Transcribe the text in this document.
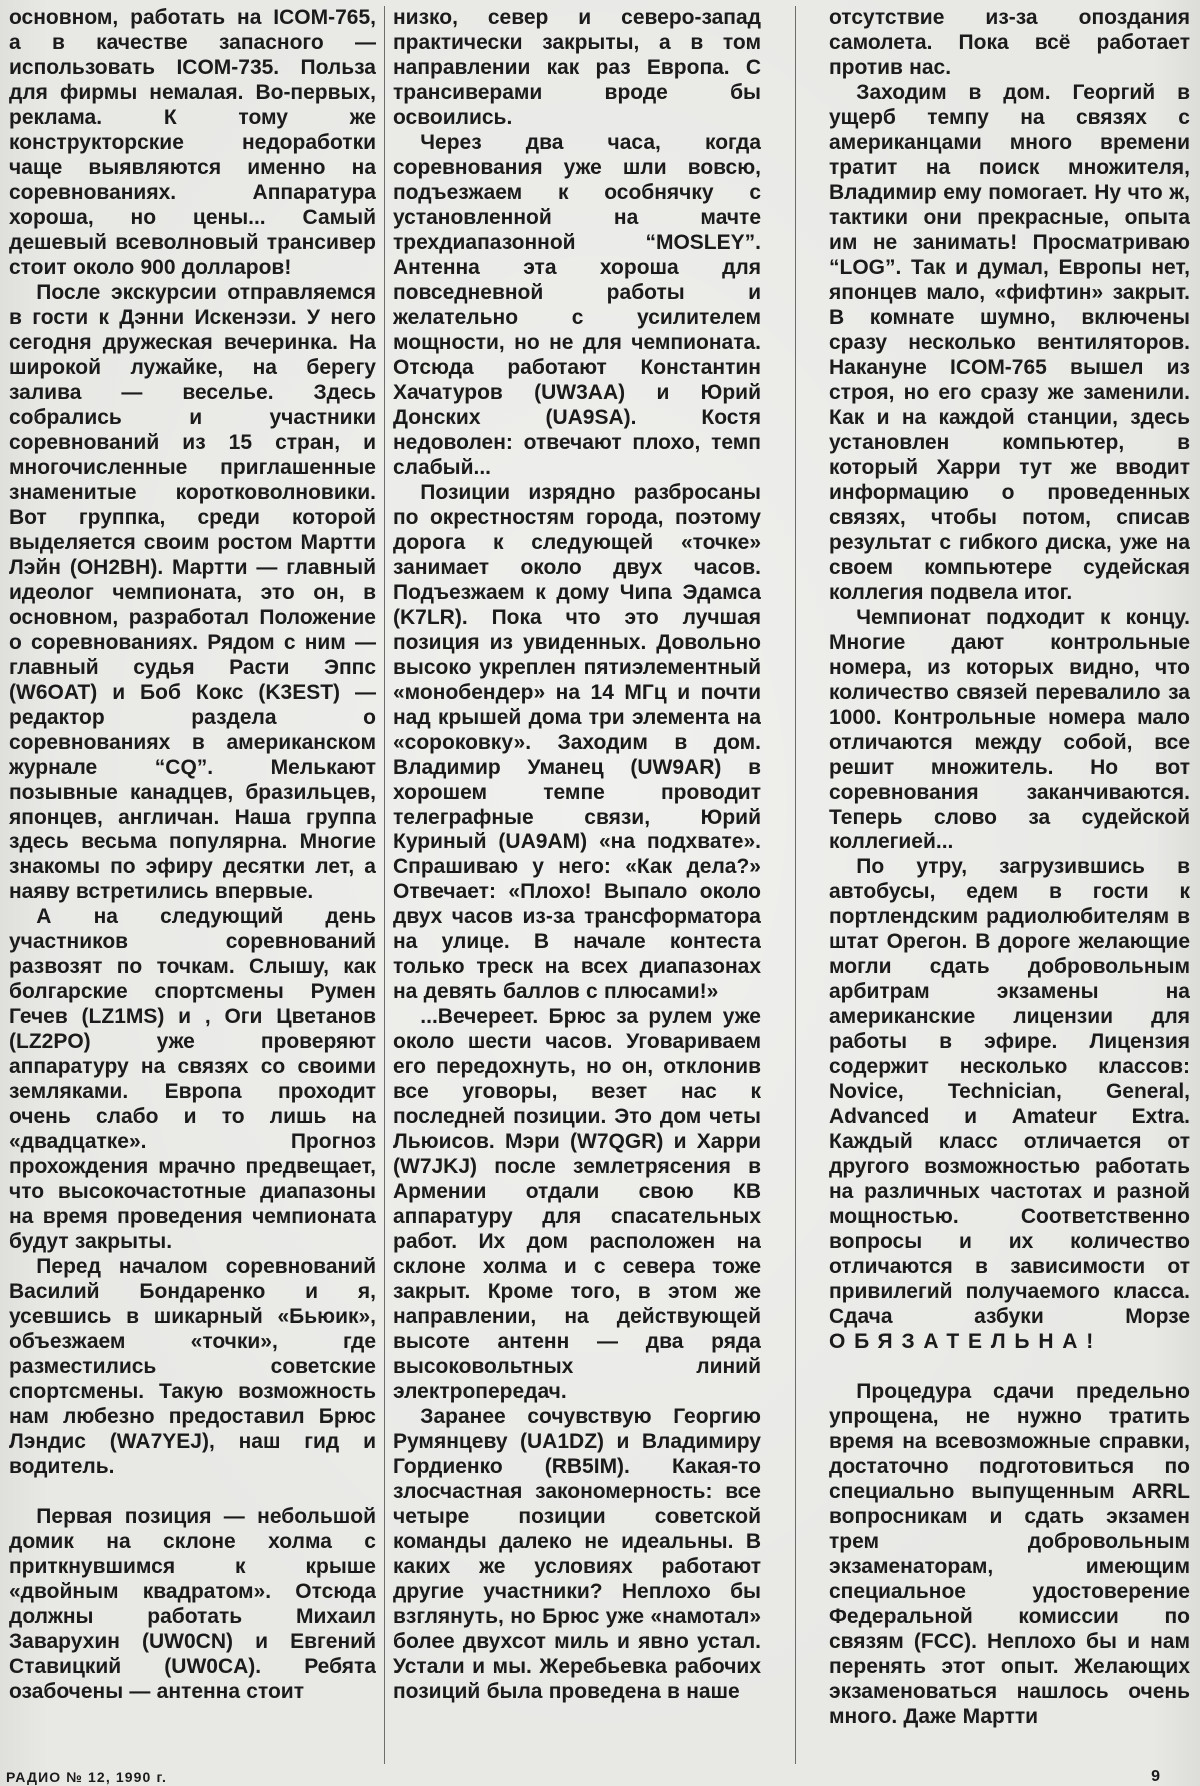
основном, работать на ICOM-765, а в качестве запасного — использовать ICOM-735. Польза для фирмы немалая. Во-первых, реклама. К тому же конструкторские недоработки чаще выявляются именно на соревнованиях. Аппаратура хороша, но цены... Самый дешевый всеволновый трансивер стоит около 900 долларов!

После экскурсии отправляемся в гости к Дэнни Искенэзи. У него сегодня дружеская вечеринка. На широкой лужайке, на берегу залива — веселье. Здесь собрались и участники соревнований из 15 стран, и многочисленные приглашенные знаменитые коротковолновики. Вот группка, среди которой выделяется своим ростом Мартти Лэйн (OH2BH). Мартти — главный идеолог чемпионата, это он, в основном, разработал Положение о соревнованиях. Рядом с ним — главный судья Расти Эппс (W6OAT) и Боб Кокс (K3EST) — редактор раздела о соревнованиях в американском журнале “CQ”. Мелькают позывные канадцев, бразильцев, японцев, англичан. Наша группа здесь весьма популярна. Многие знакомы по эфиру десятки лет, а наяву встретились впервые.

А на следующий день участников соревнований развозят по точкам. Слышу, как болгарские спортсмены Румен Гечев (LZ1MS) и , Оги Цветанов (LZ2PO) уже проверяют аппаратуру на связях со своими земляками. Европа проходит очень слабо и то лишь на «двадцатке». Прогноз прохождения мрачно предвещает, что высокочастотные диапазоны на время проведения чемпионата будут закрыты.

Перед началом соревнований Василий Бондаренко и я, усевшись в шикарный «Бьюик», объезжаем «точки», где разместились советские спортсмены. Такую возможность нам любезно предоставил Брюс Лэндис (WA7YEJ), наш гид и водитель.

Первая позиция — небольшой домик на склоне холма с приткнувшимся к крыше «двойным квадратом». Отсюда должны работать Михаил Заварухин (UW0CN) и Евгений Ставицкий (UW0CA). Ребята озабочены — антенна стоит

низко, север и северо-запад практически закрыты, а в том направлении как раз Европа. С трансиверами вроде бы освоились.

Через два часа, когда соревнования уже шли вовсю, подъезжаем к особнячку с установленной на мачте трехдиапазонной “MOSLEY”. Антенна эта хороша для повседневной работы и желательно с усилителем мощности, но не для чемпионата. Отсюда работают Константин Хачатуров (UW3AA) и Юрий Донских (UA9SA). Костя недоволен: отвечают плохо, темп слабый...

Позиции изрядно разбросаны по окрестностям города, поэтому дорога к следующей «точке» занимает около двух часов. Подъезжаем к дому Чипа Эдамса (K7LR). Пока что это лучшая позиция из увиденных. Довольно высоко укреплен пятиэлементный «монобендер» на 14 МГц и почти над крышей дома три элемента на «сороковку». Заходим в дом. Владимир Уманец (UW9AR) в хорошем темпе проводит телеграфные связи, Юрий Куриный (UA9AM) «на подхвате». Спрашиваю у него: «Как дела?» Отвечает: «Плохо! Выпало около двух часов из-за трансформатора на улице. В начале контеста только треск на всех диапазонах на девять баллов с плюсами!»

...Вечереет. Брюс за рулем уже около шести часов. Уговариваем его передохнуть, но он, отклонив все уговоры, везет нас к последней позиции. Это дом четы Льюисов. Мэри (W7QGR) и Харри (W7JKJ) после землетрясения в Армении отдали свою КВ аппаратуру для спасательных работ. Их дом расположен на склоне холма и с севера тоже закрыт. Кроме того, в этом же направлении, на действующей высоте антенн — два ряда высоковольтных линий электропередач.

Заранее сочувствую Георгию Румянцеву (UA1DZ) и Владимиру Гордиенко (RB5IM). Какая-то злосчастная закономерность: все четыре позиции советской команды далеко не идеальны. В каких же условиях работают другие участники? Неплохо бы взглянуть, но Брюс уже «намотал» более двухсот миль и явно устал. Устали и мы. Жеребьевка рабочих позиций была проведена в наше

отсутствие из-за опоздания самолета. Пока всё работает против нас.

Заходим в дом. Георгий в ущерб темпу на связях с американцами много времени тратит на поиск множителя, Владимир ему помогает. Ну что ж, тактики они прекрасные, опыта им не занимать! Просматриваю “LOG”. Так и думал, Европы нет, японцев мало, «фифтин» закрыт. В комнате шумно, включены сразу несколько вентиляторов. Накануне ICOM-765 вышел из строя, но его сразу же заменили. Как и на каждой станции, здесь установлен компьютер, в который Харри тут же вводит информацию о проведенных связях, чтобы потом, списав результат с гибкого диска, уже на своем компьютере судейская коллегия подвела итог.

Чемпионат подходит к концу. Многие дают контрольные номера, из которых видно, что количество связей перевалило за 1000. Контрольные номера мало отличаются между собой, все решит множитель. Но вот соревнования заканчиваются. Теперь слово за судейской коллегией...

По утру, загрузившись в автобусы, едем в гости к портлендским радиолюбителям в штат Орегон. В дороге желающие могли сдать добровольным арбитрам экзамены на американские лицензии для работы в эфире. Лицензия содержит несколько классов: Novice, Technician, General, Advanced и Amateur Extra. Каждый класс отличается от другого возможностью работать на различных частотах и разной мощностью. Соответственно вопросы и их количество отличаются в зависимости от привилегий получаемого класса. Сдача азбуки Морзе ОБЯЗАТЕЛЬНА!

Процедура сдачи предельно упрощена, не нужно тратить время на всевозможные справки, достаточно подготовиться по специально выпущенным ARRL вопросникам и сдать экзамен трем добровольным экзаменаторам, имеющим специальное удостоверение Федеральной комиссии по связям (FCC). Неплохо бы и нам перенять этот опыт. Желающих экзаменоваться нашлось очень много. Даже Мартти

РАДИО № 12, 1990 г.	9
